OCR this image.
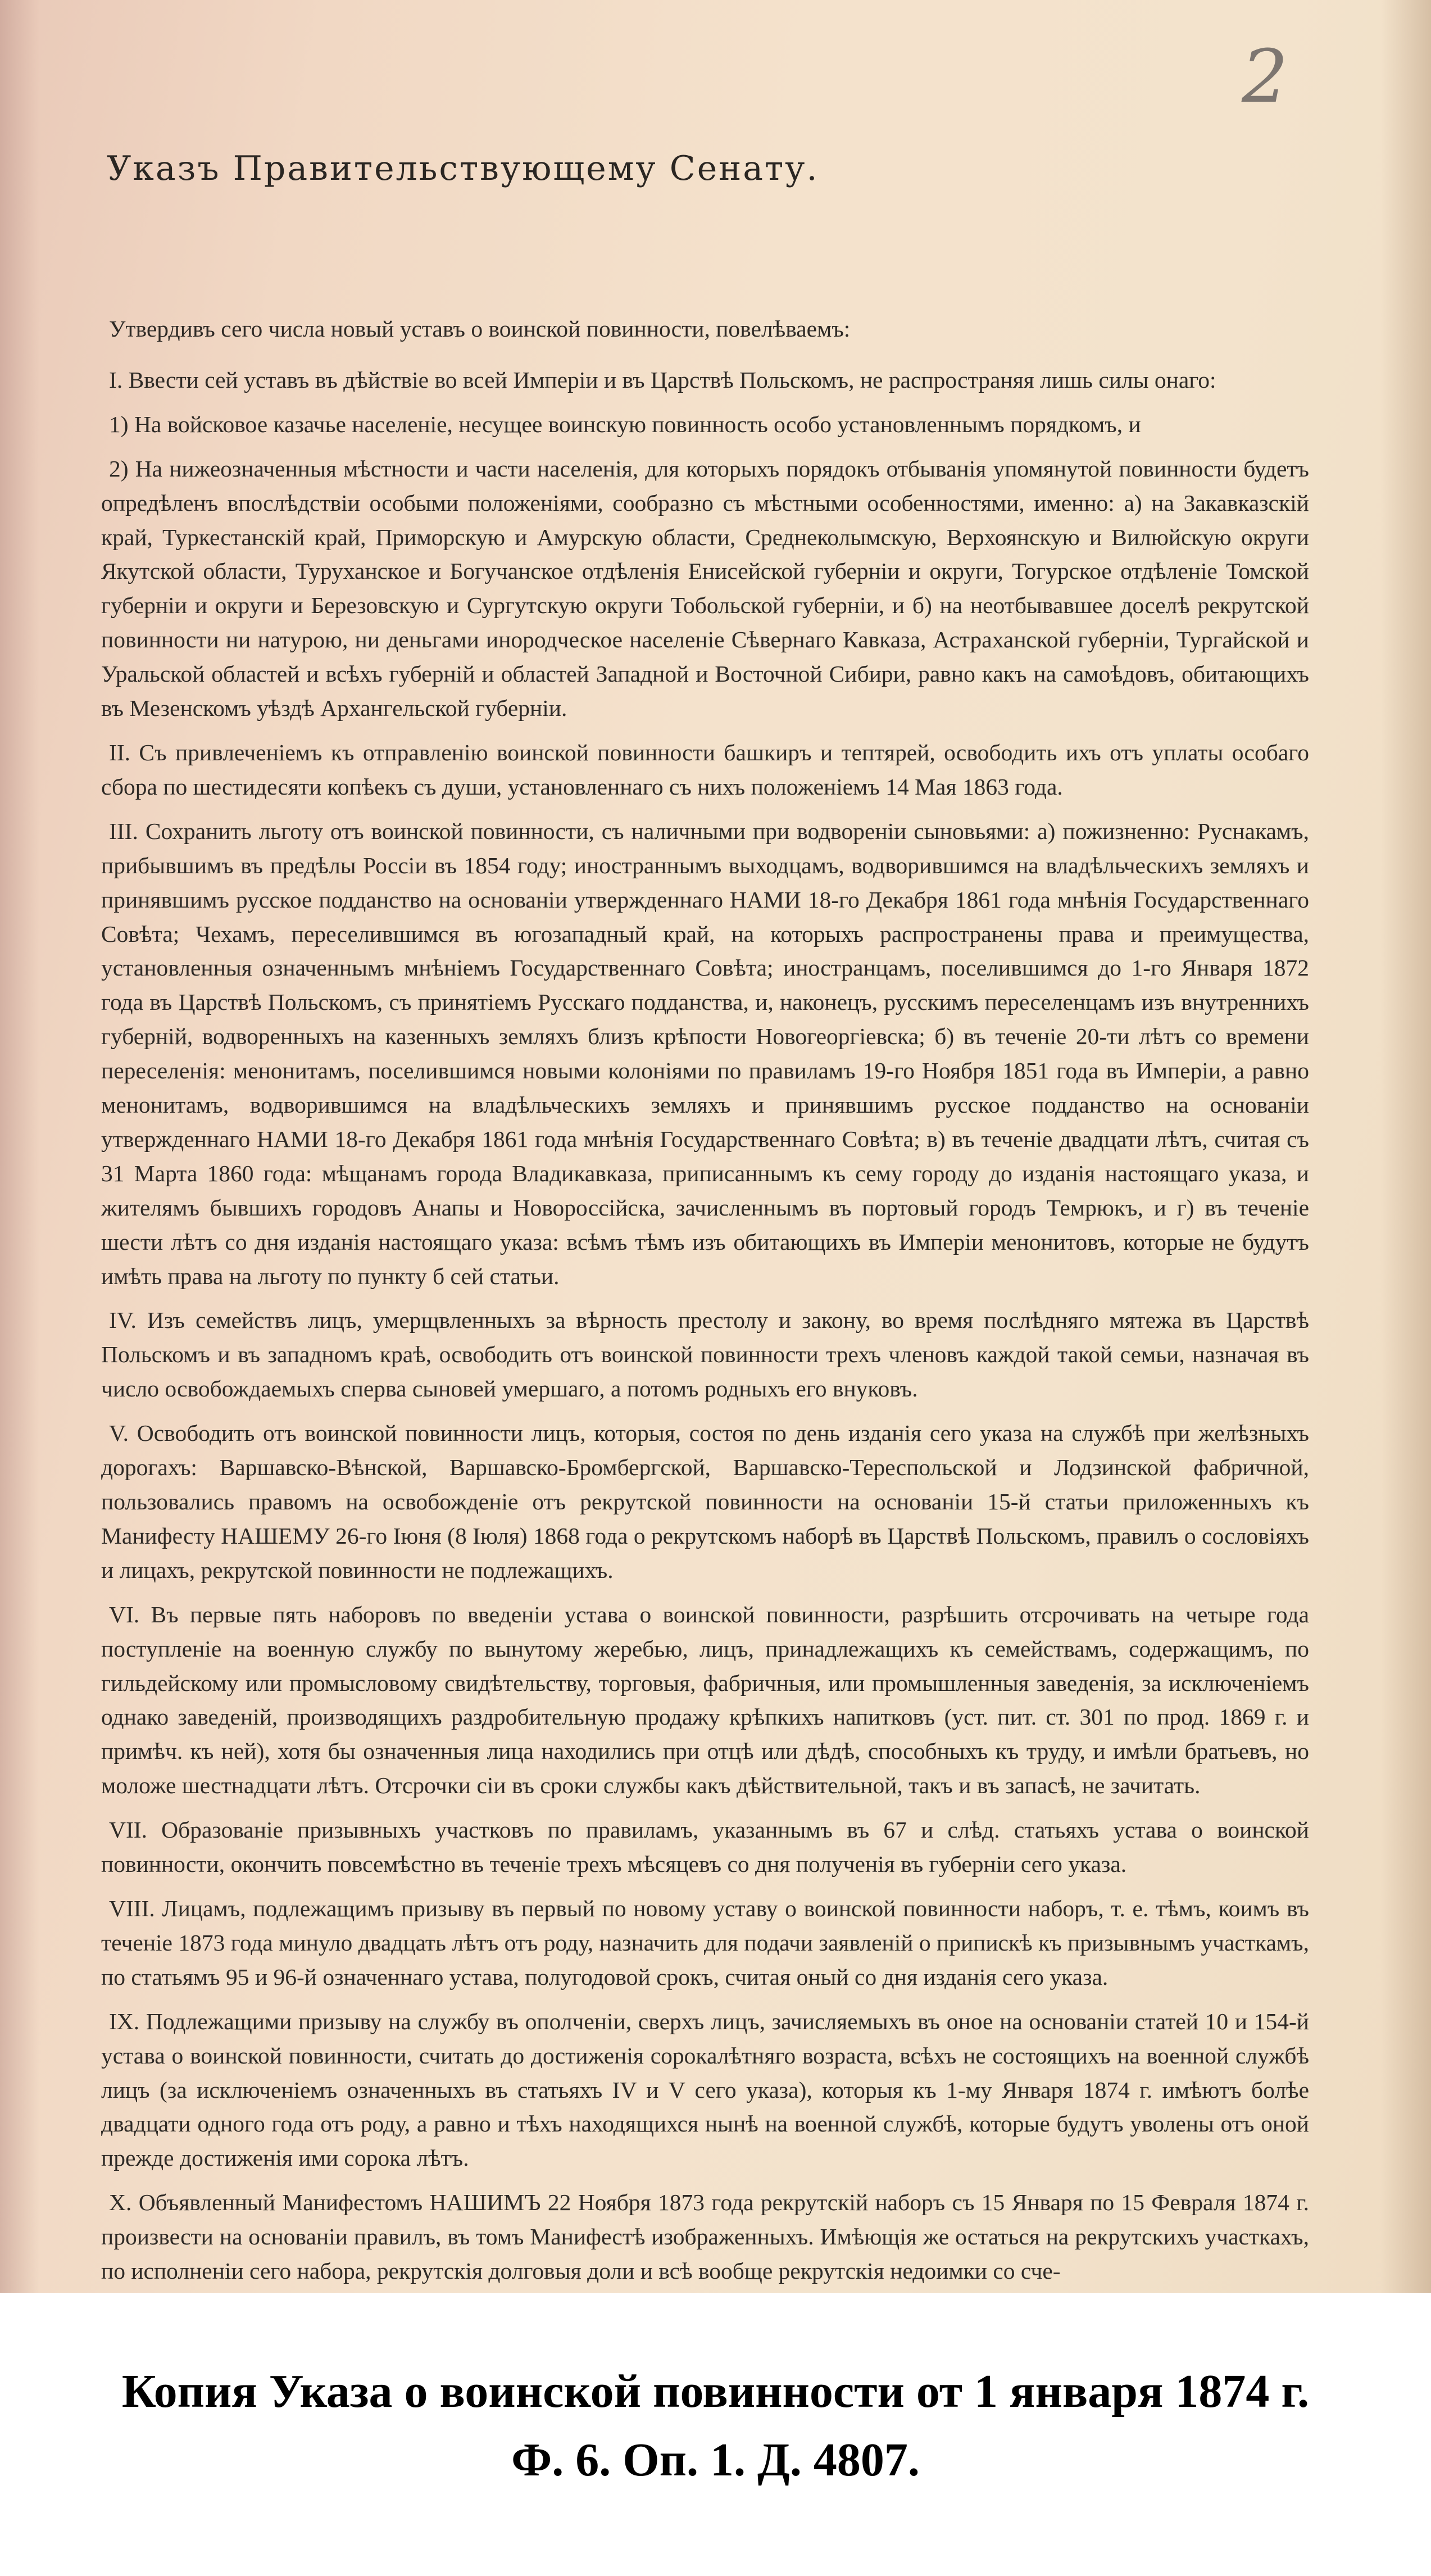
2
Указъ Правительствующему Сенату.

Утвердивъ сего числа новый уставъ о воинской повинности, повелѣваемъ:

I. Ввести сей уставъ въ дѣйствіе во всей Имперіи и въ Царствѣ Польскомъ, не распространяя лишь силы онаго:

1) На войсковое казачье населеніе, несущее воинскую повинность особо установленнымъ порядкомъ, и

2) На нижеозначенныя мѣстности и части населенія, для которыхъ порядокъ отбыванія упомянутой повинности будетъ опредѣленъ впослѣдствіи особыми положеніями, сообразно съ мѣстными особенностями, именно: а) на Закавказскій край, Туркестанскій край, Приморскую и Амурскую области, Среднеколымскую, Верхоянскую и Вилюйскую округи Якутской области, Туруханское и Богучанское отдѣленія Енисейской губерніи и округи, Тогурское отдѣленіе Томской губерніи и округи и Березовскую и Сургутскую округи Тобольской губерніи, и б) на неотбывавшее доселѣ рекрутской повинности ни натурою, ни деньгами инородческое населеніе Сѣвернаго Кавказа, Астраханской губерніи, Тургайской и Уральской областей и всѣхъ губерній и областей Западной и Восточной Сибири, равно какъ на самоѣдовъ, обитающихъ въ Мезенскомъ уѣздѣ Архангельской губерніи.

II. Съ привлеченіемъ къ отправленію воинской повинности башкиръ и тептярей, освободить ихъ отъ уплаты особаго сбора по шестидесяти копѣекъ съ души, установленнаго съ нихъ положеніемъ 14 Мая 1863 года.

III. Сохранить льготу отъ воинской повинности, съ наличными при водвореніи сыновьями: а) пожизненно: Руснакамъ, прибывшимъ въ предѣлы Россіи въ 1854 году; иностраннымъ выходцамъ, водворившимся на владѣльческихъ земляхъ и принявшимъ русское подданство на основаніи утвержденнаго НАМИ 18-го Декабря 1861 года мнѣнія Государственнаго Совѣта; Чехамъ, переселившимся въ югозападный край, на которыхъ распространены права и преимущества, установленныя означеннымъ мнѣніемъ Государственнаго Совѣта; иностранцамъ, поселившимся до 1-го Января 1872 года въ Царствѣ Польскомъ, съ принятіемъ Русскаго подданства, и, наконецъ, русскимъ переселенцамъ изъ внутреннихъ губерній, водворенныхъ на казенныхъ земляхъ близъ крѣпости Новогеоргіевска; б) въ теченіе 20-ти лѣтъ со времени переселенія: менонитамъ, поселившимся новыми колоніями по правиламъ 19-го Ноября 1851 года въ Имперіи, а равно менонитамъ, водворившимся на владѣльческихъ земляхъ и принявшимъ русское подданство на основаніи утвержденнаго НАМИ 18-го Декабря 1861 года мнѣнія Государственнаго Совѣта; в) въ теченіе двадцати лѣтъ, считая съ 31 Марта 1860 года: мѣщанамъ города Владикавказа, приписаннымъ къ сему городу до изданія настоящаго указа, и жителямъ бывшихъ городовъ Анапы и Новороссійска, зачисленнымъ въ портовый городъ Темрюкъ, и г) въ теченіе шести лѣтъ со дня изданія настоящаго указа: всѣмъ тѣмъ изъ обитающихъ въ Имперіи менонитовъ, которые не будутъ имѣть права на льготу по пункту б сей статьи.

IV. Изъ семействъ лицъ, умерщвленныхъ за вѣрность престолу и закону, во время послѣдняго мятежа въ Царствѣ Польскомъ и въ западномъ краѣ, освободить отъ воинской повинности трехъ членовъ каждой такой семьи, назначая въ число освобождаемыхъ сперва сыновей умершаго, а потомъ родныхъ его внуковъ.

V. Освободить отъ воинской повинности лицъ, которыя, состоя по день изданія сего указа на службѣ при желѣзныхъ дорогахъ: Варшавско-Вѣнской, Варшавско-Бромбергской, Варшавско-Тереспольской и Лодзинской фабричной, пользовались правомъ на освобожденіе отъ рекрутской повинности на основаніи 15-й статьи приложенныхъ къ Манифесту НАШЕМУ 26-го Іюня (8 Іюля) 1868 года о рекрутскомъ наборѣ въ Царствѣ Польскомъ, правилъ о сословіяхъ и лицахъ, рекрутской повинности не подлежащихъ.

VI. Въ первые пять наборовъ по введеніи устава о воинской повинности, разрѣшить отсрочивать на четыре года поступленіе на военную службу по вынутому жеребью, лицъ, принадлежащихъ къ семействамъ, содержащимъ, по гильдейскому или промысловому свидѣтельству, торговыя, фабричныя, или промышленныя заведенія, за исключеніемъ однако заведеній, производящихъ раздробительную продажу крѣпкихъ напитковъ (уст. пит. ст. 301 по прод. 1869 г. и примѣч. къ ней), хотя бы означенныя лица находились при отцѣ или дѣдѣ, способныхъ къ труду, и имѣли братьевъ, но моложе шестнадцати лѣтъ. Отсрочки сіи въ сроки службы какъ дѣйствительной, такъ и въ запасѣ, не зачитать.

VII. Образованіе призывныхъ участковъ по правиламъ, указаннымъ въ 67 и слѣд. статьяхъ устава о воинской повинности, окончить повсемѣстно въ теченіе трехъ мѣсяцевъ со дня полученія въ губерніи сего указа.

VIII. Лицамъ, подлежащимъ призыву въ первый по новому уставу о воинской повинности наборъ, т. е. тѣмъ, коимъ въ теченіе 1873 года минуло двадцать лѣтъ отъ роду, назначить для подачи заявленій о припискѣ къ призывнымъ участкамъ, по статьямъ 95 и 96-й означеннаго устава, полугодовой срокъ, считая оный со дня изданія сего указа.

IX. Подлежащими призыву на службу въ ополченіи, сверхъ лицъ, зачисляемыхъ въ оное на основаніи статей 10 и 154-й устава о воинской повинности, считать до достиженія сорокалѣтняго возраста, всѣхъ не состоящихъ на военной службѣ лицъ (за исключеніемъ означенныхъ въ статьяхъ IV и V сего указа), которыя къ 1-му Января 1874 г. имѣютъ болѣе двадцати одного года отъ роду, а равно и тѣхъ находящихся нынѣ на военной службѣ, которые будутъ уволены отъ оной прежде достиженія ими сорока лѣтъ.

X. Объявленный Манифестомъ НАШИМЪ 22 Ноября 1873 года рекрутскій наборъ съ 15 Января по 15 Февраля 1874 г. произвести на основаніи правилъ, въ томъ Манифестѣ изображенныхъ. Имѣющія же остаться на рекрутскихъ участкахъ, по исполненіи сего набора, рекрутскія долговыя доли и всѣ вообще рекрутскія недоимки со сче-

Копия Указа о воинской повинности от 1 января 1874 г.
Ф. 6. Оп. 1. Д. 4807.
